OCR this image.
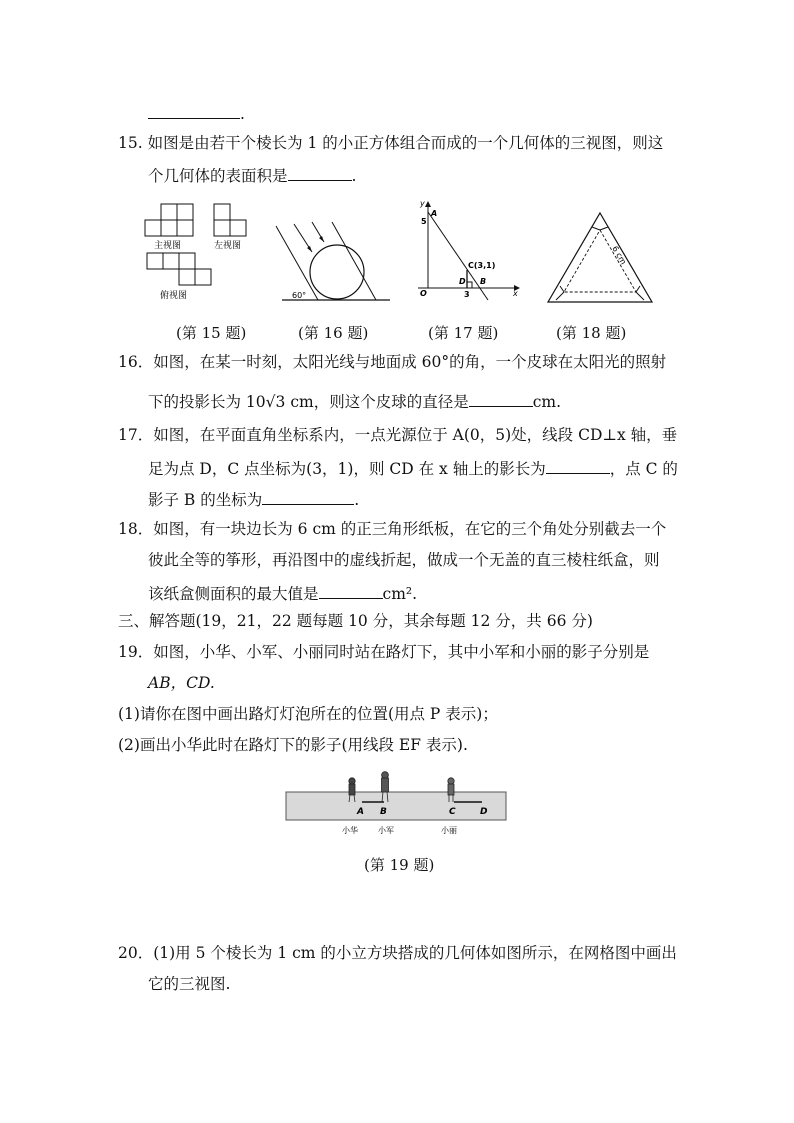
.
15. 如图是由若干个棱长为 1 的小正方体组合而成的一个几何体的三视图，则这
个几何体的表面积是	.
主视图	左视图
俯视图
(第 15 题)
60°
(第 16 题)
y
x
A
5
C(3,1)
D B
O	3
(第 17 题)
6 cm
(第 18 题)
16．如图，在某一时刻，太阳光线与地面成 60°的角，一个皮球在太阳光的照射
下的投影长为 10√3 cm，则这个皮球的直径是	cm.
17．如图，在平面直角坐标系内，一点光源位于 A(0，5)处，线段 CD⊥x 轴，垂
足为点 D，C 点坐标为(3，1)，则 CD 在 x 轴上的影长为	，点 C 的
影子 B 的坐标为	.
18．如图，有一块边长为 6 cm 的正三角形纸板，在它的三个角处分别截去一个
彼此全等的筝形，再沿图中的虚线折起，做成一个无盖的直三棱柱纸盒，则
该纸盒侧面积的最大值是	cm².
三、解答题(19，21，22 题每题 10 分，其余每题 12 分，共 66 分)
19．如图，小华、小军、小丽同时站在路灯下，其中小军和小丽的影子分别是
AB，CD.
(1)请你在图中画出路灯灯泡所在的位置(用点 P 表示)；
(2)画出小华此时在路灯下的影子(用线段 EF 表示).
A B	C	D
小华	小军	小丽
(第 19 题)
20．(1)用 5 个棱长为 1 cm 的小立方块搭成的几何体如图所示，在网格图中画出
它的三视图.
